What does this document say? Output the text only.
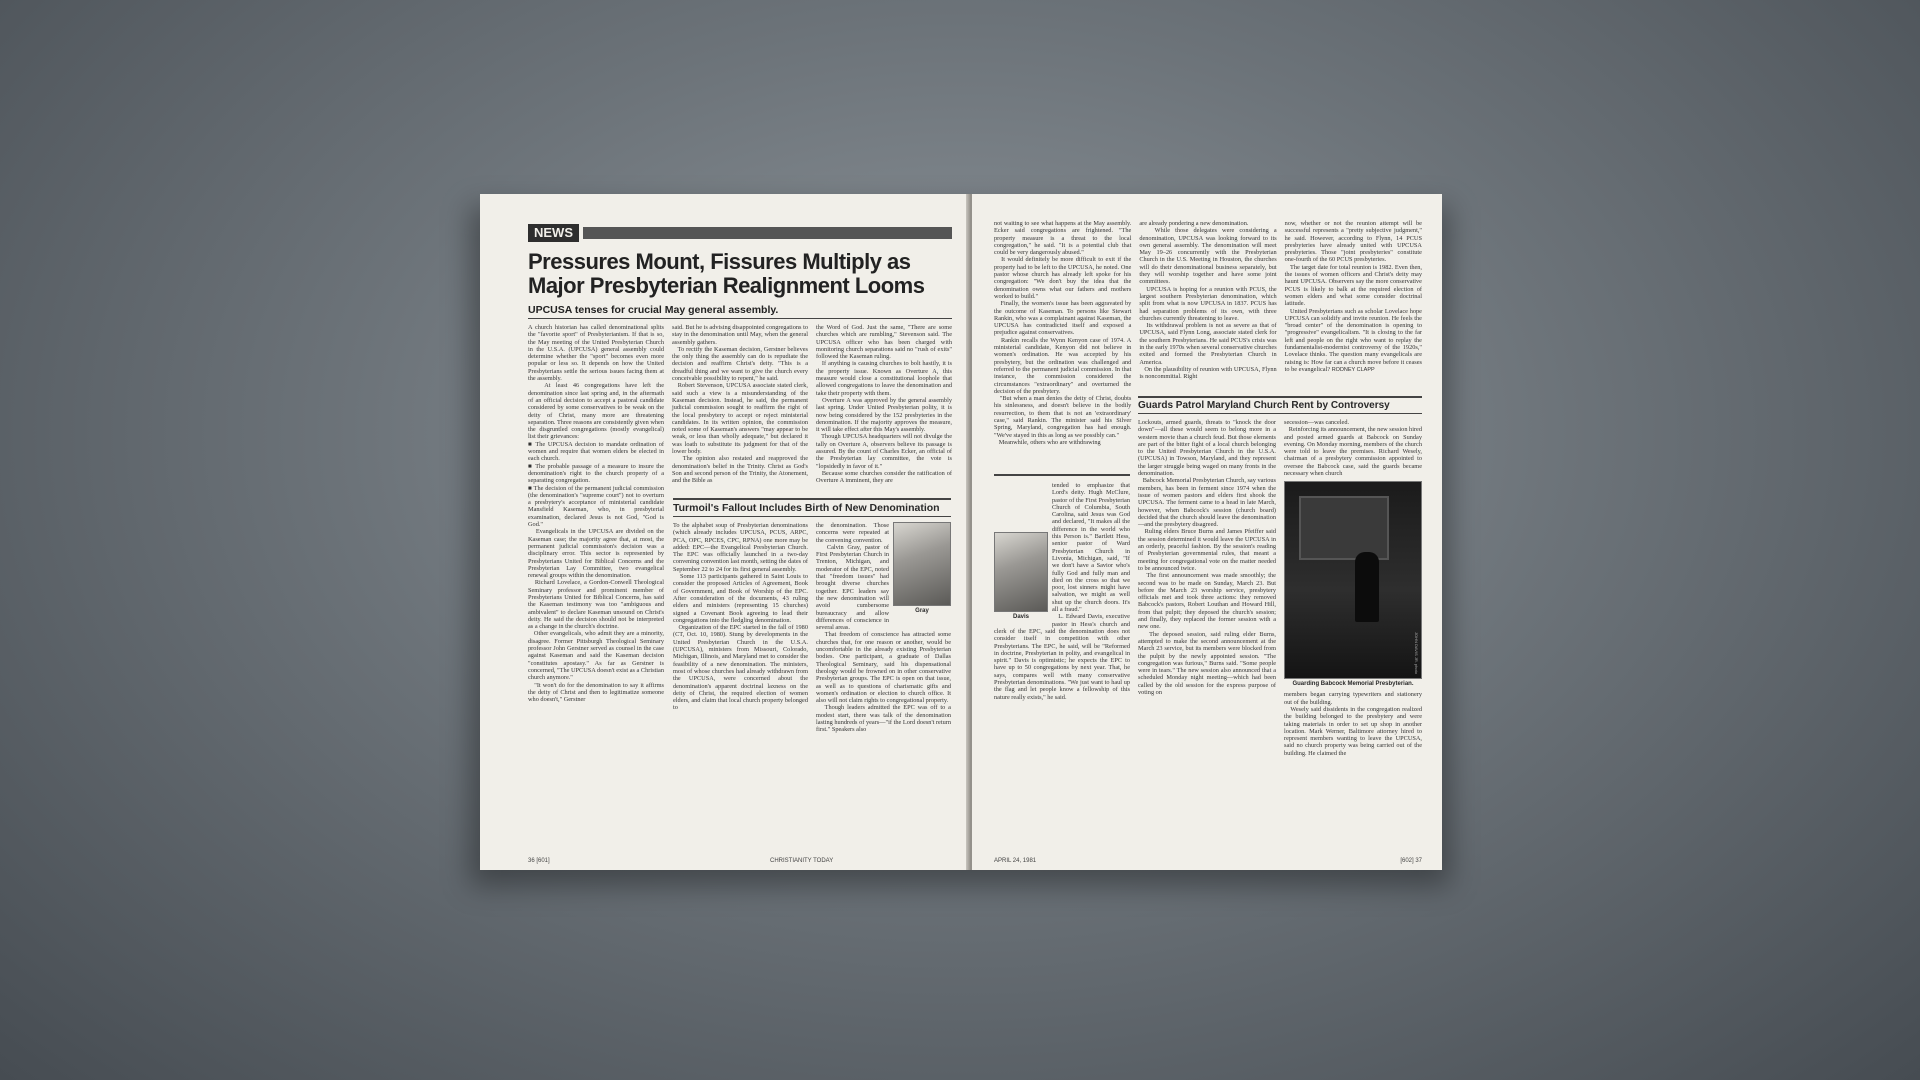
NEWS
Pressures Mount, Fissures Multiply as
Major Presbyterian Realignment Looms
UPCUSA tenses for crucial May general assembly.

A church historian has called denominational splits the "favorite sport" of Presbyterianism. If that is so, the May meeting of the United Presbyterian Church in the U.S.A. (UPCUSA) general assembly could determine whether the "sport" becomes even more popular or less so. It depends on how the United Presbyterians settle the serious issues facing them at the assembly.
At least 46 congregations have left the denomination since last spring and, in the aftermath of an official decision to accept a pastoral candidate considered by some conservatives to be weak on the deity of Christ, many more are threatening separation. Three reasons are consistently given when the disgruntled congregations (mostly evangelical) list their grievances:
■ The UPCUSA decision to mandate ordination of women and require that women elders be elected in each church.
■ The probable passage of a measure to insure the denomination's right to the church property of a separating congregation.
■ The decision of the permanent judicial commission (the denomination's "supreme court") not to overturn a presbytery's acceptance of ministerial candidate Mansfield Kaseman, who, in presbyterial examination, declared Jesus is not God, "God is God."
Evangelicals in the UPCUSA are divided on the Kaseman case; the majority agree that, at most, the permanent judicial commission's decision was a disciplinary error. This sector is represented by Presbyterians United for Biblical Concerns and the Presbyterian Lay Committee, two evangelical renewal groups within the denomination.
Richard Lovelace, a Gordon-Conwell Theological Seminary professor and prominent member of Presbyterians United for Biblical Concerns, has said the Kaseman testimony was too "ambiguous and ambivalent" to declare Kaseman unsound on Christ's deity. He said the decision should not be interpreted as a change in the church's doctrine.
Other evangelicals, who admit they are a minority, disagree. Former Pittsburgh Theological Seminary professor John Gerstner served as counsel in the case against Kaseman and said the Kaseman decision "constitutes apostasy." As far as Gerstner is concerned, "The UPCUSA doesn't exist as a Christian church anymore."
"It won't do for the denomination to say it affirms the deity of Christ and then to legitimatize someone who doesn't," Gerstner

said. But he is advising disappointed congregations to stay in the denomination until May, when the general assembly gathers.
To rectify the Kaseman decision, Gerstner believes the only thing the assembly can do is repudiate the decision and reaffirm Christ's deity. "This is a dreadful thing and we want to give the church every conceivable possibility to repent," he said.
Robert Stevenson, UPCUSA associate stated clerk, said such a view is a misunderstanding of the Kaseman decision. Instead, he said, the permanent judicial commission sought to reaffirm the right of the local presbytery to accept or reject ministerial candidates. In its written opinion, the commission noted some of Kaseman's answers "may appear to be weak, or less than wholly adequate," but declared it was loath to substitute its judgment for that of the lower body.
The opinion also restated and reapproved the denomination's belief in the Trinity. Christ as God's Son and second person of the Trinity, the Atonement, and the Bible as

the Word of God. Just the same, "There are some churches which are rumbling," Stevenson said. The UPCUSA officer who has been charged with monitoring church separations said no "rush of exits" followed the Kaseman ruling.
If anything is causing churches to bolt hastily, it is the property issue. Known as Overture A, this measure would close a constitutional loophole that allowed congregations to leave the denomination and take their property with them.
Overture A was approved by the general assembly last spring. Under United Presbyterian polity, it is now being considered by the 152 presbyteries in the denomination. If the majority approves the measure, it will take effect after this May's assembly.
Though UPCUSA headquarters will not divulge the tally on Overture A, observers believe its passage is assured. By the count of Charles Ecker, an official of the Presbyterian lay committee, the vote is "lopsidedly in favor of it."
Because some churches consider the ratification of Overture A imminent, they are

Turmoil's Fallout Includes Birth of New Denomination

To the alphabet soup of Presbyterian denominations (which already includes UPCUSA, PCUS, ARPC, PCA, OPC, RPCES, CPC, RPNA) one more may be added: EPC—the Evangelical Presbyterian Church. The EPC was officially launched in a two-day convening convention last month, setting the dates of September 22 to 24 for its first general assembly.
Some 113 participants gathered in Saint Louis to consider the proposed Articles of Agreement, Book of Government, and Book of Worship of the EPC. After consideration of the documents, 43 ruling elders and ministers (representing 15 churches) signed a Covenant Book agreeing to lead their congregations into the fledgling denomination.
Organization of the EPC started in the fall of 1980 (CT, Oct. 10, 1980). Stung by developments in the United Presbyterian Church in the U.S.A. (UPCUSA), ministers from Missouri, Colorado, Michigan, Illinois, and Maryland met to consider the feasibility of a new denomination. The ministers, most of whose churches had already withdrawn from the UPCUSA, were concerned about the denomination's apparent doctrinal laxness on the deity of Christ, the required election of women elders, and claim that local church property belonged to

Gray

the denomination. Those concerns were repeated at the convening convention.
Calvin Gray, pastor of First Presbyterian Church in Trenton, Michigan, and moderator of the EPC, noted that "freedom issues" had brought diverse churches together. EPC leaders say the new denomination will avoid cumbersome bureaucracy and allow differences of conscience in several areas.
That freedom of conscience has attracted some churches that, for one reason or another, would be uncomfortable in the already existing Presbyterian bodies. One participant, a graduate of Dallas Theological Seminary, said his dispensational theology would be frowned on in other conservative Presbyterian groups. The EPC is open on that issue, as well as to questions of charismatic gifts and women's ordination or election to church office. It also will not claim rights to congregational property.
Though leaders admitted the EPC was off to a modest start, there was talk of the denomination lasting hundreds of years—"if the Lord doesn't return first." Speakers also

36 [601]	CHRISTIANITY TODAY

not waiting to see what happens at the May assembly. Ecker said congregations are frightened. "The property measure is a threat to the local congregation," he said. "It is a potential club that could be very dangerously abused."
It would definitely be more difficult to exit if the property had to be left to the UPCUSA, he noted. One pastor whose church has already left spoke for his congregation: "We don't buy the idea that the denomination owns what our fathers and mothers worked to build."
Finally, the women's issue has been aggravated by the outcome of Kaseman. To persons like Stewart Rankin, who was a complainant against Kaseman, the UPCUSA has contradicted itself and exposed a prejudice against conservatives.
Rankin recalls the Wynn Kenyon case of 1974. A ministerial candidate, Kenyon did not believe in women's ordination. He was accepted by his presbytery, but the ordination was challenged and referred to the permanent judicial commission. In that instance, the commission considered the circumstances "extraordinary" and overturned the decision of the presbytery.
"But when a man denies the deity of Christ, doubts his sinlessness, and doesn't believe in the bodily resurrection, to them that is not an 'extraordinary' case," said Rankin. The minister said his Silver Spring, Maryland, congregation has had enough. "We've stayed in this as long as we possibly can."
Meanwhile, others who are withdrawing

are already pondering a new denomination.
While those delegates were considering a denomination, UPCUSA was looking forward to its own general assembly. The denomination will meet May 19–26 concurrently with the Presbyterian Church in the U.S. Meeting in Houston, the churches will do their denominational business separately, but they will worship together and have some joint committees.
UPCUSA is hoping for a reunion with PCUS, the largest southern Presbyterian denomination, which split from what is now UPCUSA in 1837. PCUS has had separation problems of its own, with three churches currently threatening to leave.
Its withdrawal problem is not as severe as that of UPCUSA, said Flynn Long, associate stated clerk for the southern Presbyterians. He said PCUS's crisis was in the early 1970s when several conservative churches exited and formed the Presbyterian Church in America.
On the plausibility of reunion with UPCUSA, Flynn is noncommittal. Right

now, whether or not the reunion attempt will be successful represents a "pretty subjective judgment," he said. However, according to Flynn, 14 PCUS presbyteries have already united with UPCUSA presbyteries. Those "joint presbyteries" constitute one-fourth of the 60 PCUS presbyteries.
The target date for total reunion is 1982. Even then, the issues of women officers and Christ's deity may haunt UPCUSA. Observers say the more conservative PCUS is likely to balk at the required election of women elders and what some consider doctrinal latitude.
United Presbyterians such as scholar Lovelace hope UPCUSA can solidify and invite reunion. He feels the "broad center" of the denomination is opening to "progressive" evangelicalism. "It is closing to the far left and people on the right who want to replay the fundamentalist-modernist controversy of the 1920s," Lovelace thinks. The question many evangelicals are raising is: How far can a church move before it ceases to be evangelical? RODNEY CLAPP

Guards Patrol Maryland Church Rent by Controversy

Lockouts, armed guards, threats to "knock the door down"—all these would seem to belong more in a western movie than a church feud. But those elements are part of the bitter fight of a local church belonging to the United Presbyterian Church in the U.S.A. (UPCUSA) in Towson, Maryland, and they represent the larger struggle being waged on many fronts in the denomination.
Babcock Memorial Presbyterian Church, say various members, has been in ferment since 1974 when the issue of women pastors and elders first shook the UPCUSA. The ferment came to a head in late March, however, when Babcock's session (church board) decided that the church should leave the denomination—and the presbytery disagreed.
Ruling elders Bruce Burns and James Pfeiffer said the session determined it would leave the UPCUSA in an orderly, peaceful fashion. By the session's reading of Presbyterian governmental rules, that meant a meeting for congregational vote on the matter needed to be announced twice.
The first announcement was made smoothly; the second was to be made on Sunday, March 23. But before the March 23 worship service, presbytery officials met and took three actions: they removed Babcock's pastors, Robert Louthan and Howard Hill, from that pulpit; they deposed the church's session; and finally, they replaced the former session with a new one.
The deposed session, said ruling elder Burns, attempted to make the second announcement at the March 23 service, but its members were blocked from the pulpit by the newly appointed session. "The congregation was furious," Burns said. "Some people were in tears." The new session also announced that a scheduled Monday night meeting—which had been called by the old session for the express purpose of voting on

secession—was canceled.
Reinforcing its announcement, the new session hired and posted armed guards at Babcock on Sunday evening. On Monday morning, members of the church were told to leave the premises. Richard Wesely, chairman of a presbytery commission appointed to oversee the Babcock case, said the guards became necessary when church

JOHN DAVIS JR. photo
Guarding Babcock Memorial Presbyterian.

members began carrying typewriters and stationery out of the building.
Wesely said dissidents in the congregation realized the building belonged to the presbytery and were taking materials in order to set up shop in another location. Mark Werner, Baltimore attorney hired to represent members wanting to leave the UPCUSA, said no church property was being carried out of the building. He claimed the

Davis

tended to emphasize that Lord's deity. Hugh McClure, pastor of the First Presbyterian Church of Columbia, South Carolina, said Jesus was God and declared, "It makes all the difference in the world who this Person is." Bartlett Hess, senior pastor of Ward Presbyterian Church in Livonia, Michigan, said, "If we don't have a Savior who's fully God and fully man and died on the cross so that we poor, lost sinners might have salvation, we might as well shut up the church doors. It's all a fraud."
L. Edward Davis, executive pastor in Hess's church and clerk of the EPC, said the denomination does not consider itself in competition with other Presbyterians. The EPC, he said, will be "Reformed in doctrine, Presbyterian in polity, and evangelical in spirit." Davis is optimistic; he expects the EPC to have up to 50 congregations by next year. That, he says, compares well with many conservative Presbyterian denominations. "We just want to haul up the flag and let people know a fellowship of this nature really exists," he said.

APRIL 24, 1981	[602] 37
